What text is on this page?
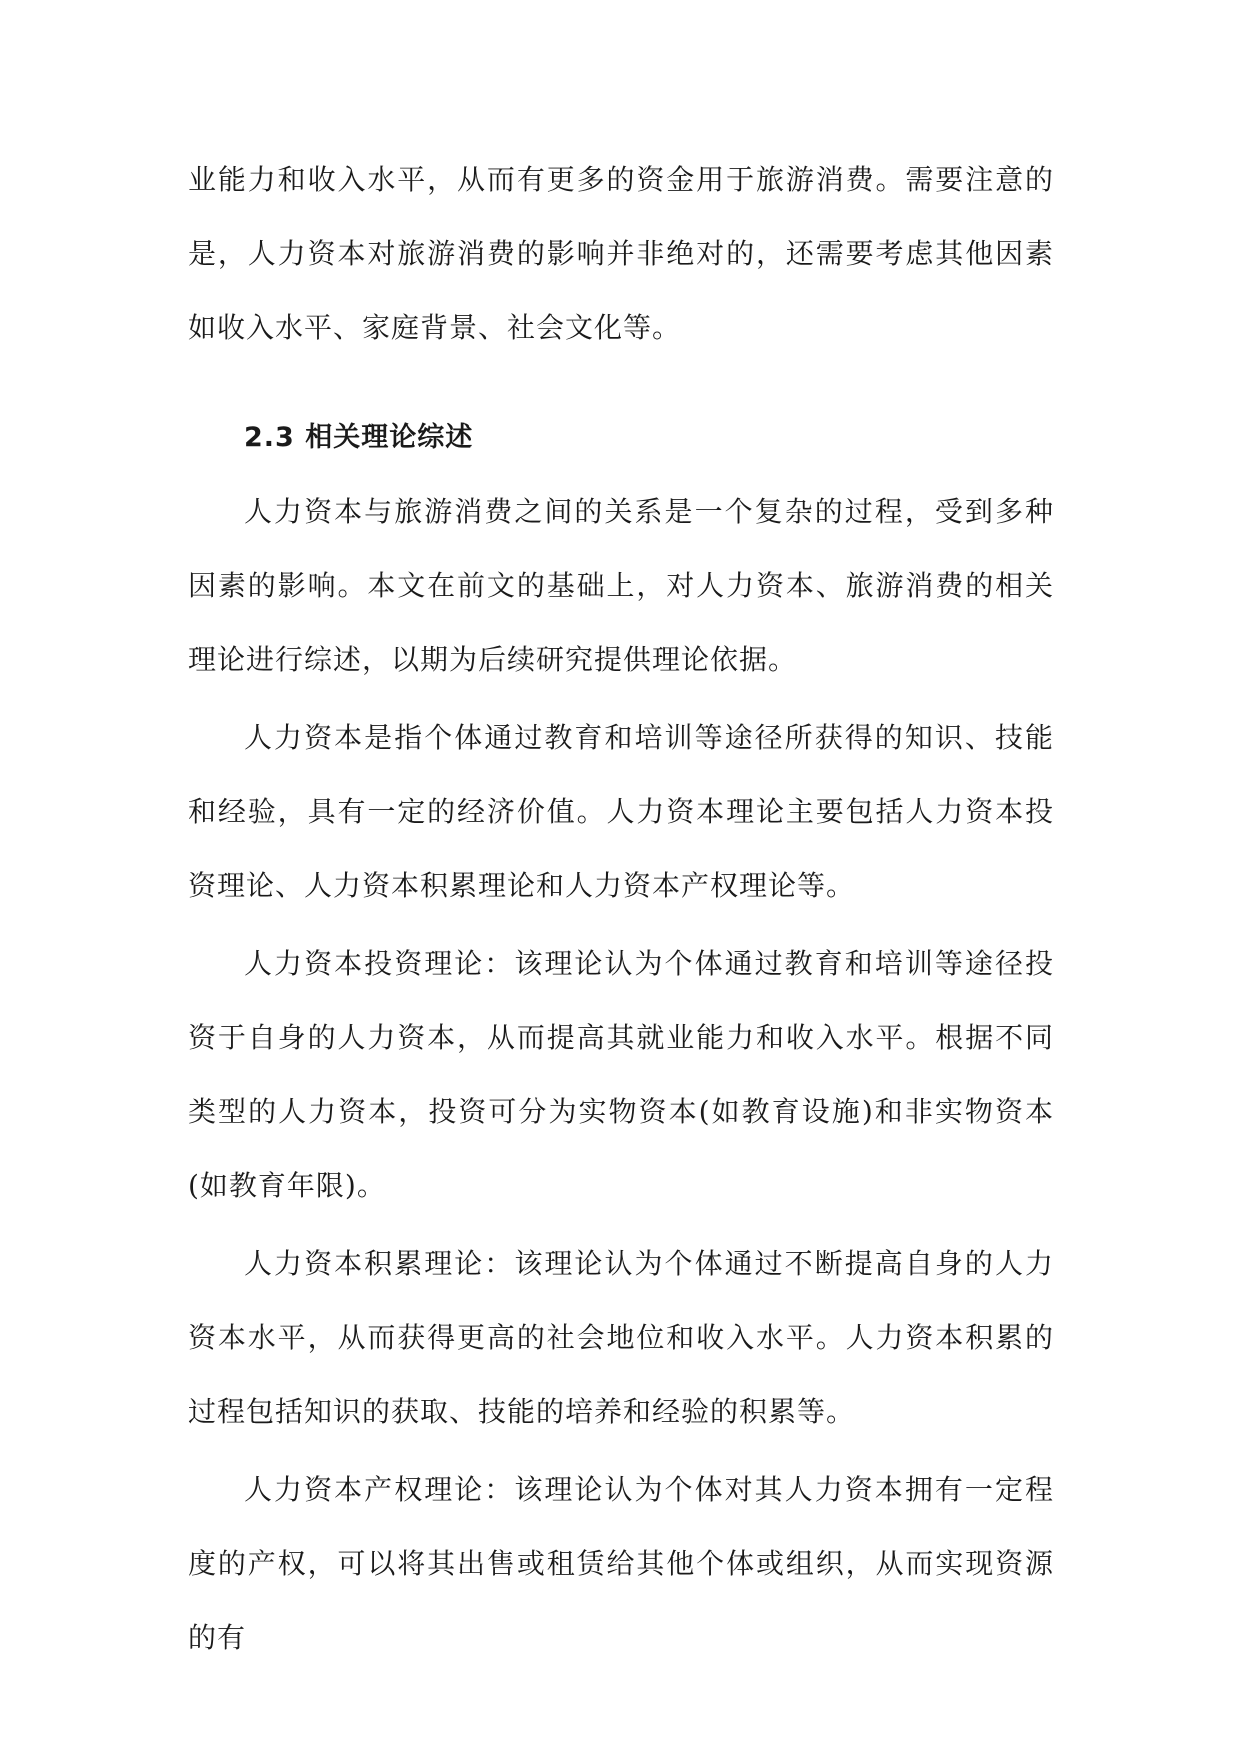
业能力和收入水平，从而有更多的资金用于旅游消费。需要注意的是，人力资本对旅游消费的影响并非绝对的，还需要考虑其他因素如收入水平、家庭背景、社会文化等。

2.3 相关理论综述

人力资本与旅游消费之间的关系是一个复杂的过程，受到多种因素的影响。本文在前文的基础上，对人力资本、旅游消费的相关理论进行综述，以期为后续研究提供理论依据。

人力资本是指个体通过教育和培训等途径所获得的知识、技能和经验，具有一定的经济价值。人力资本理论主要包括人力资本投资理论、人力资本积累理论和人力资本产权理论等。

人力资本投资理论：该理论认为个体通过教育和培训等途径投资于自身的人力资本，从而提高其就业能力和收入水平。根据不同类型的人力资本，投资可分为实物资本(如教育设施)和非实物资本(如教育年限)。

人力资本积累理论：该理论认为个体通过不断提高自身的人力资本水平，从而获得更高的社会地位和收入水平。人力资本积累的过程包括知识的获取、技能的培养和经验的积累等。

人力资本产权理论：该理论认为个体对其人力资本拥有一定程度的产权，可以将其出售或租赁给其他个体或组织，从而实现资源的有
